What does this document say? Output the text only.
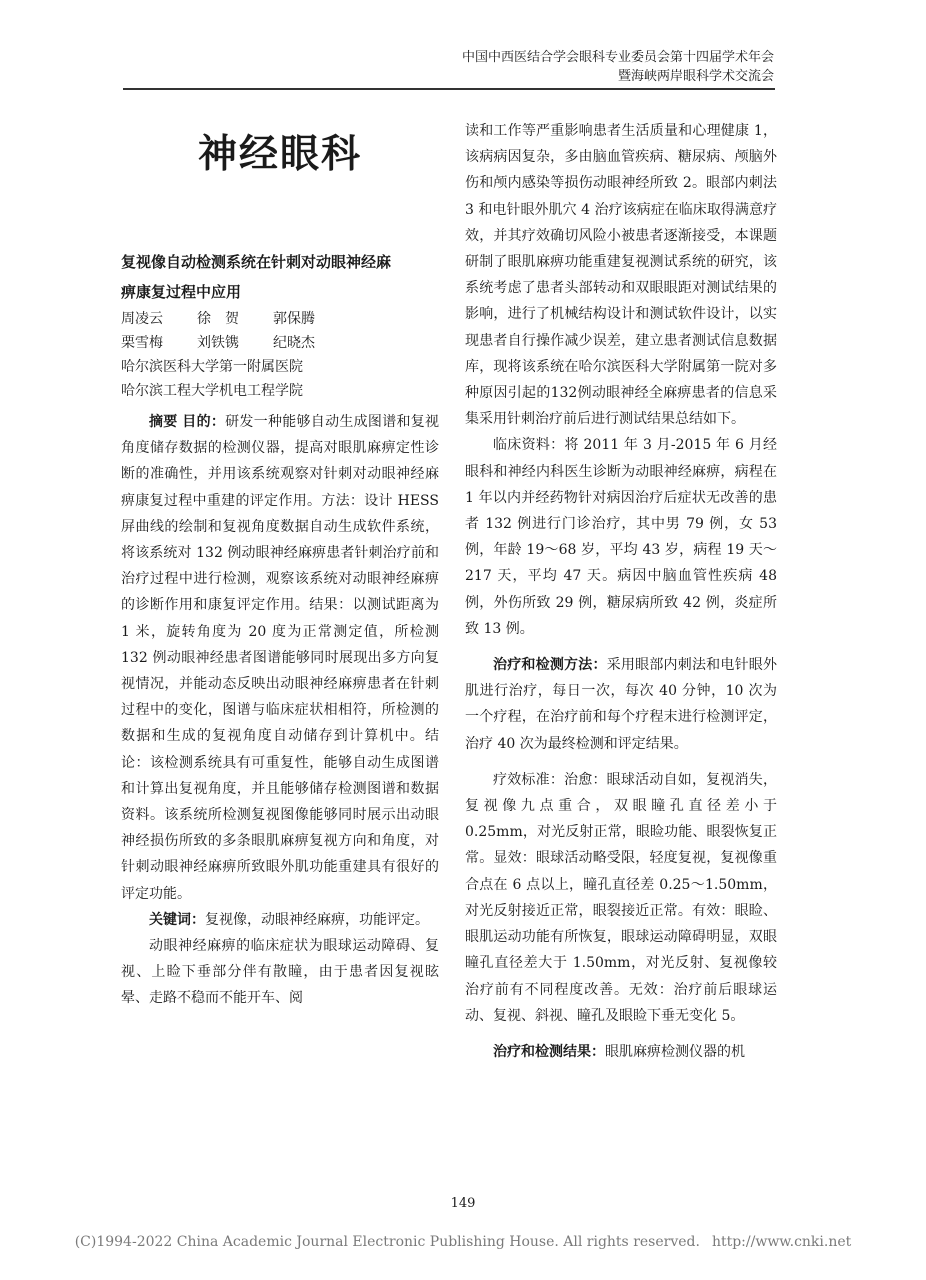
中国中西医结合学会眼科专业委员会第十四届学术年会
暨海峡两岸眼科学术交流会
神经眼科
复视像自动检测系统在针刺对动眼神经麻
痹康复过程中应用
周凌云 徐　贺 郭保腾
栗雪梅 刘铁镌 纪晓杰
哈尔滨医科大学第一附属医院
哈尔滨工程大学机电工程学院

摘要 目的：研发一种能够自动生成图谱和复视角度储存数据的检测仪器，提高对眼肌麻痹定性诊断的准确性，并用该系统观察对针刺对动眼神经麻痹康复过程中重建的评定作用。方法：设计 HESS 屏曲线的绘制和复视角度数据自动生成软件系统，将该系统对 132 例动眼神经麻痹患者针刺治疗前和治疗过程中进行检测，观察该系统对动眼神经麻痹的诊断作用和康复评定作用。结果：以测试距离为 1 米，旋转角度为 20 度为正常测定值，所检测 132 例动眼神经患者图谱能够同时展现出多方向复视情况，并能动态反映出动眼神经麻痹患者在针刺过程中的变化，图谱与临床症状相相符，所检测的数据和生成的复视角度自动储存到计算机中。结论：该检测系统具有可重复性，能够自动生成图谱和计算出复视角度，并且能够储存检测图谱和数据资料。该系统所检测复视图像能够同时展示出动眼神经损伤所致的多条眼肌麻痹复视方向和角度，对针刺动眼神经麻痹所致眼外肌功能重建具有很好的评定功能。

关键词：复视像，动眼神经麻痹，功能评定。

动眼神经麻痹的临床症状为眼球运动障碍、复视、上睑下垂部分伴有散瞳，由于患者因复视眩晕、走路不稳而不能开车、阅

读和工作等严重影响患者生活质量和心理健康 1，该病病因复杂，多由脑血管疾病、糖尿病、颅脑外伤和颅内感染等损伤动眼神经所致 2。眼部内刺法 3 和电针眼外肌穴 4 治疗该病症在临床取得满意疗效，并其疗效确切风险小被患者逐渐接受，本课题研制了眼肌麻痹功能重建复视测试系统的研究，该系统考虑了患者头部转动和双眼眼距对测试结果的影响，进行了机械结构设计和测试软件设计，以实现患者自行操作减少误差，建立患者测试信息数据库，现将该系统在哈尔滨医科大学附属第一院对多种原因引起的132例动眼神经全麻痹患者的信息采集采用针刺治疗前后进行测试结果总结如下。

临床资料：将 2011 年 3 月-2015 年 6 月经眼科和神经内科医生诊断为动眼神经麻痹，病程在 1 年以内并经药物针对病因治疗后症状无改善的患者 132 例进行门诊治疗，其中男 79 例，女 53 例，年龄 19～68 岁，平均 43 岁，病程 19 天～217 天，平均 47 天。病因中脑血管性疾病 48 例，外伤所致 29 例，糖尿病所致 42 例，炎症所致 13 例。

治疗和检测方法：采用眼部内刺法和电针眼外肌进行治疗，每日一次，每次 40 分钟，10 次为一个疗程，在治疗前和每个疗程末进行检测评定，治疗 40 次为最终检测和评定结果。

疗效标准：治愈：眼球活动自如，复视消失，复视像九点重合，双眼瞳孔直径差小于 0.25mm，对光反射正常，眼睑功能、眼裂恢复正常。显效：眼球活动略受限，轻度复视，复视像重合点在 6 点以上，瞳孔直径差 0.25～1.50mm，对光反射接近正常，眼裂接近正常。有效：眼睑、眼肌运动功能有所恢复，眼球运动障碍明显，双眼瞳孔直径差大于 1.50mm，对光反射、复视像较治疗前有不同程度改善。无效：治疗前后眼球运动、复视、斜视、瞳孔及眼睑下垂无变化 5。

治疗和检测结果：眼肌麻痹检测仪器的机

149
(C)1994-2022 China Academic Journal Electronic Publishing House. All rights reserved. http://www.cnki.net
